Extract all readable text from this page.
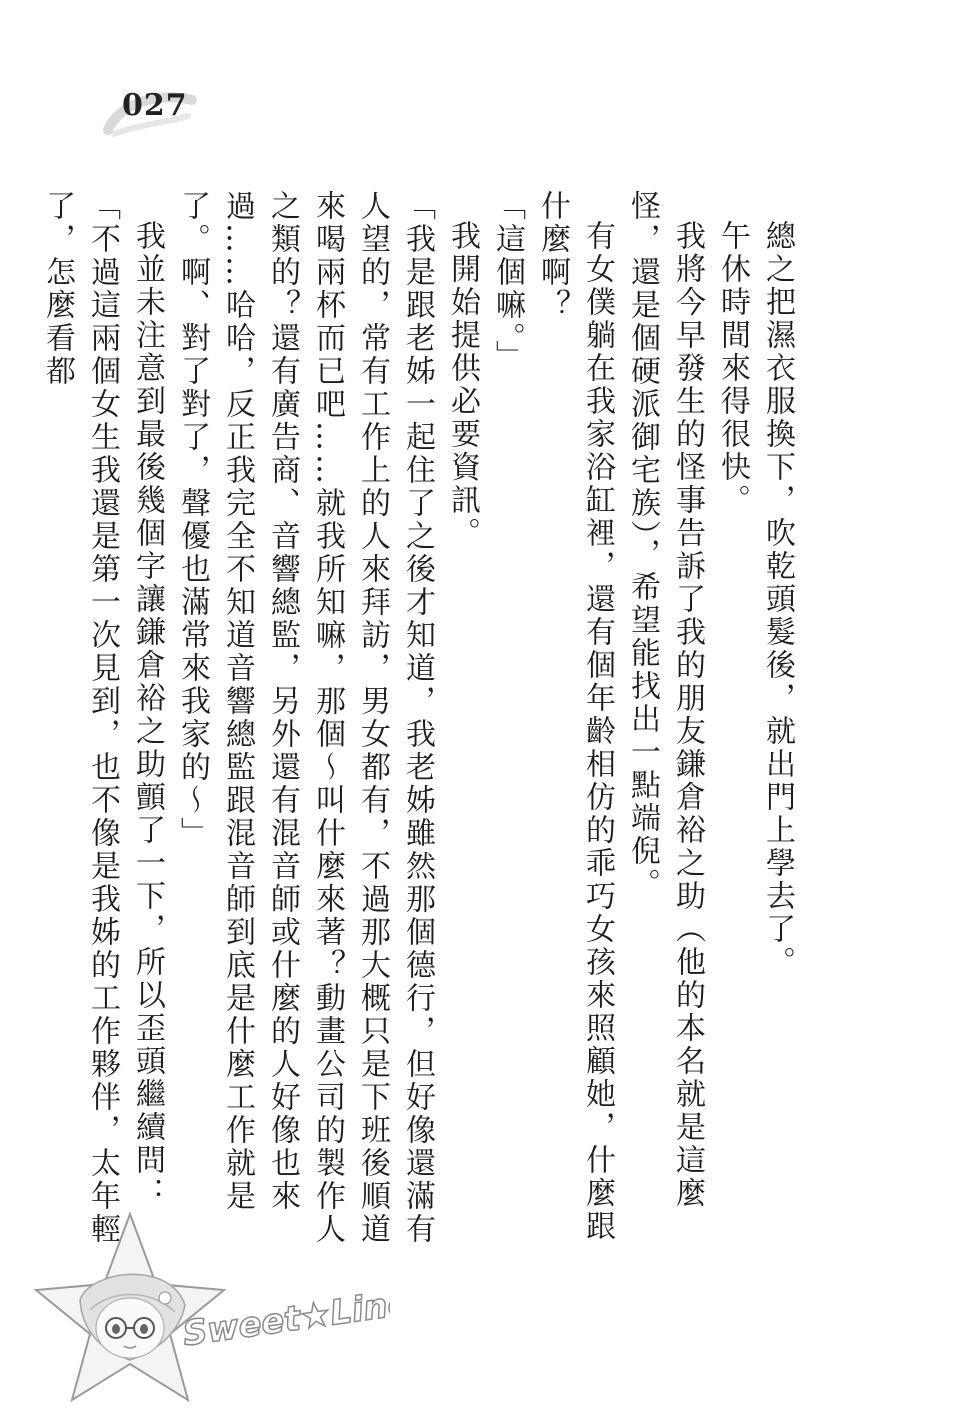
027

總之把濕衣服換下，吹乾頭髮後，就出門上學去了。

午休時間來得很快。

我將今早發生的怪事告訴了我的朋友鎌倉裕之助（他的本名就是這麼怪，還是個硬派御宅族），希望能找出一點端倪。

有女僕躺在我家浴缸裡，還有個年齡相仿的乖巧女孩來照顧她，什麼跟什麼啊？

「這個嘛。」

我開始提供必要資訊。

「我是跟老姊一起住了之後才知道，我老姊雖然那個德行，但好像還滿有人望的，常有工作上的人來拜訪，男女都有，不過那大概只是下班後順道來喝兩杯而已吧……就我所知嘛，那個～叫什麼來著？動畫公司的製作人之類的？還有廣告商、音響總監，另外還有混音師或什麼的人好像也來過……哈哈，反正我完全不知道音響總監跟混音師到底是什麼工作就是了。啊、對了對了，聲優也滿常來我家的～」

我並未注意到最後幾個字讓鎌倉裕之助顫了一下，所以歪頭繼續問：

「不過這兩個女生我還是第一次見到，也不像是我姊的工作夥伴，太年輕了，怎麼看都

Sweet★Line
